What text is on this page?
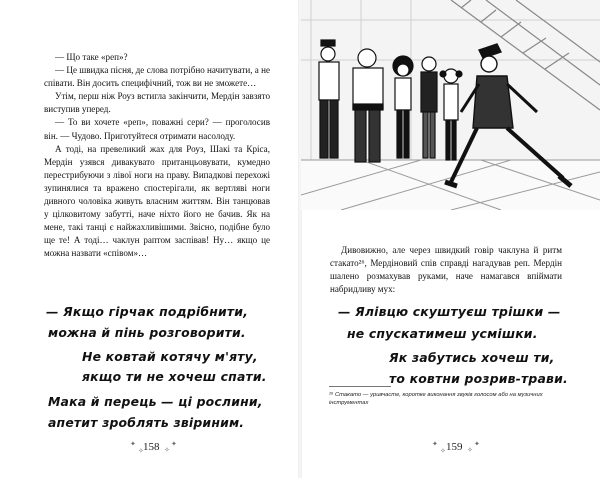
— Що таке «реп»?

— Це швидка пісня, де слова потрібно начитувати, а не співати. Він досить специфічний, тож ви не зможете…

Утім, перш ніж Роуз встигла закінчити, Мердін завзято виступив уперед.

— То ви хочете «реп», поважні сери? — проголосив він. — Чудово. Приготуйтеся отримати насолоду.

А тоді, на превеликий жах для Роуз, Шакі та Кріса, Мердін узявся дивакувато пританцьовувати, кумедно перестрибуючи з лівої ноги на праву. Випадкові перехожі зупинялися та вражено спостерігали, як вертляві ноги дивного чоловіка живуть власним життям. Він танцював у цілковитому забутті, наче ніхто його не бачив. Як на мене, такі танці є найжахливішими. Звісно, подібне було ще те! А тоді… чаклун раптом заспівав! Ну… якщо це можна назвати «співом»…

— Якщо гірчак подрібнити,
можна й пінь розговорити.
Не ковтай котячу м'яту,
якщо ти не хочеш спати.
Мака й перець — ці рослини,
апетит зроблять звіриним.
✦
✧ 158 ✧
✦

Дивовижно, але через швидкий говір чаклуна й ритм стакато²⁶, Мердіновий спів справді нагадував реп. Мердін шалено розмахував руками, наче намагався впіймати набридливу мух:

— Ялівцю скуштуєш трішки —
не спускатимеш усмішки.
Як забутись хочеш ти,
то ковтни розрив-трави.
²⁶ Стакато — уривчасте, коротке виконання звуків голосом або на музичних інструментах
✦
✧ 159 ✧
✦
